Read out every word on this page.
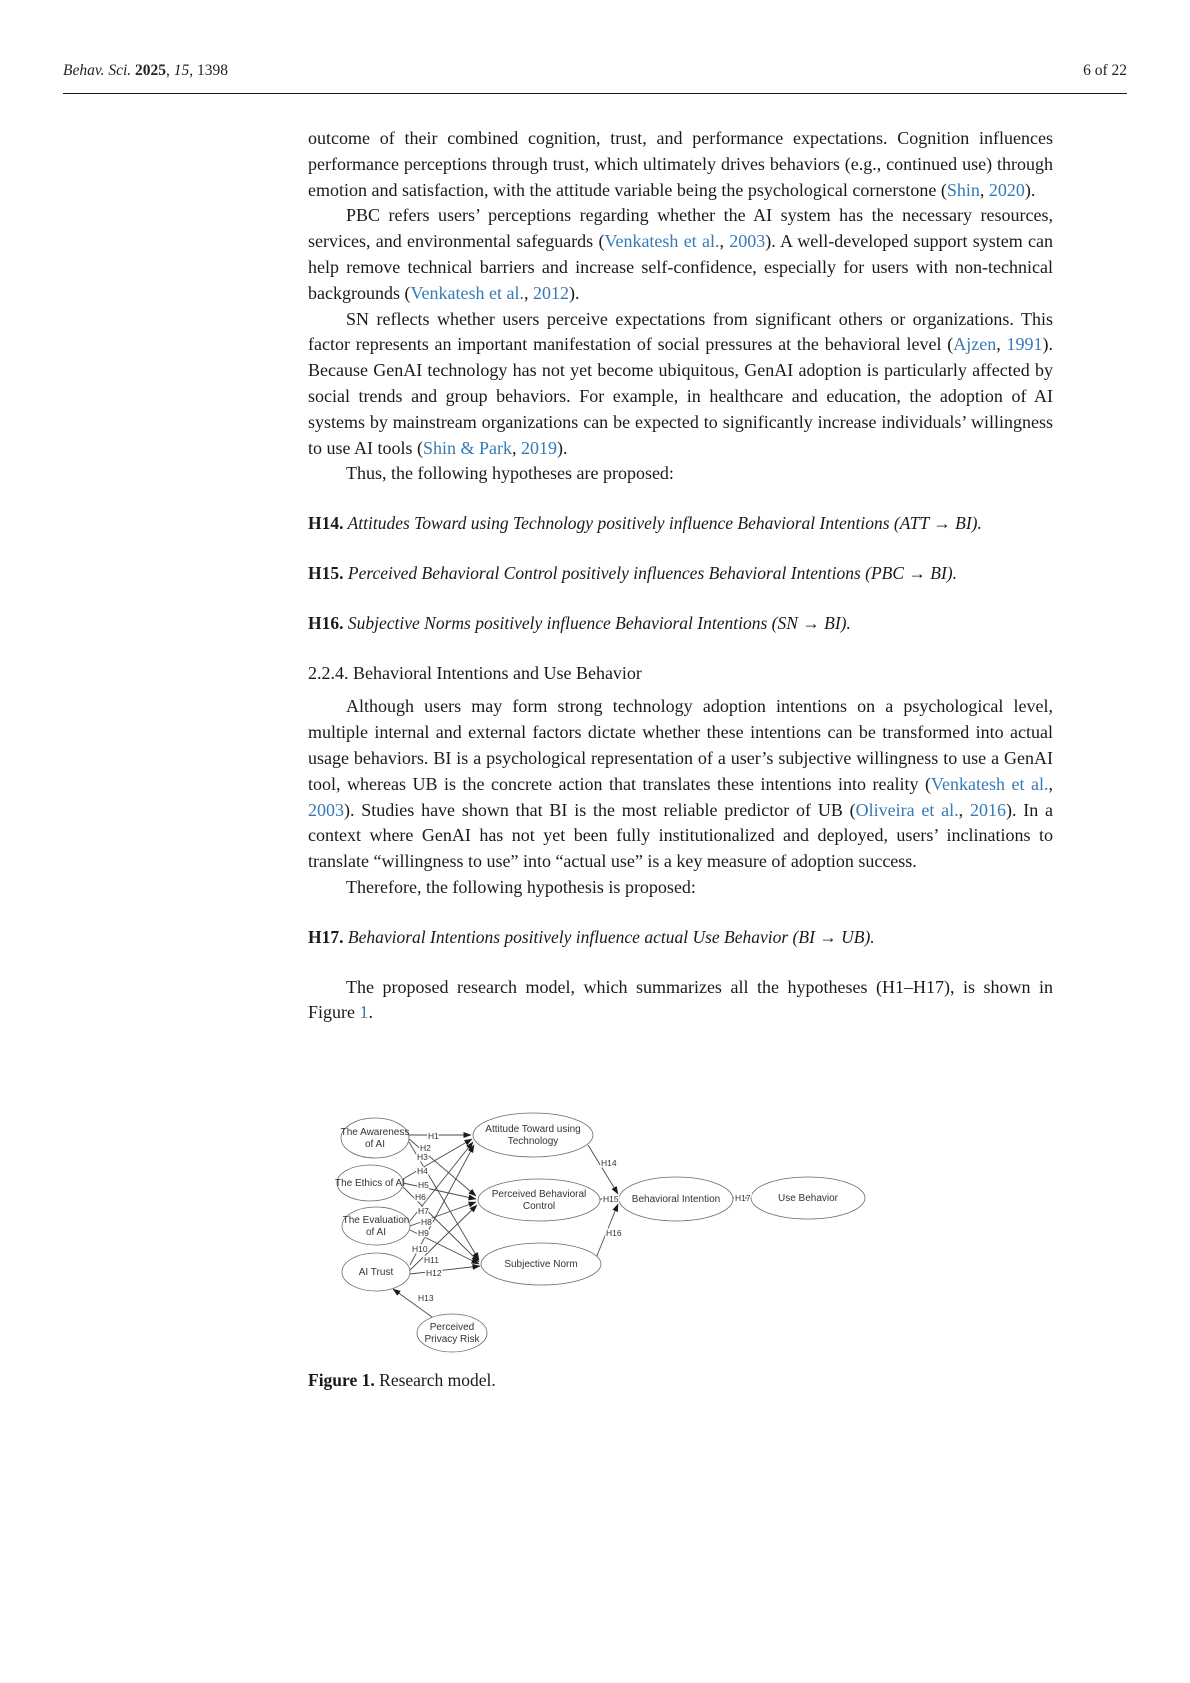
Behav. Sci. 2025, 15, 1398	6 of 22

outcome of their combined cognition, trust, and performance expectations. Cognition influences performance perceptions through trust, which ultimately drives behaviors (e.g., continued use) through emotion and satisfaction, with the attitude variable being the psychological cornerstone (Shin, 2020).

PBC refers users’ perceptions regarding whether the AI system has the necessary resources, services, and environmental safeguards (Venkatesh et al., 2003). A well-developed support system can help remove technical barriers and increase self-confidence, especially for users with non-technical backgrounds (Venkatesh et al., 2012).

SN reflects whether users perceive expectations from significant others or organizations. This factor represents an important manifestation of social pressures at the behavioral level (Ajzen, 1991). Because GenAI technology has not yet become ubiquitous, GenAI adoption is particularly affected by social trends and group behaviors. For example, in healthcare and education, the adoption of AI systems by mainstream organizations can be expected to significantly increase individuals’ willingness to use AI tools (Shin & Park, 2019).

Thus, the following hypotheses are proposed:

H14. Attitudes Toward using Technology positively influence Behavioral Intentions (ATT → BI).

H15. Perceived Behavioral Control positively influences Behavioral Intentions (PBC → BI).

H16. Subjective Norms positively influence Behavioral Intentions (SN → BI).

2.2.4. Behavioral Intentions and Use Behavior

Although users may form strong technology adoption intentions on a psychological level, multiple internal and external factors dictate whether these intentions can be transformed into actual usage behaviors. BI is a psychological representation of a user’s subjective willingness to use a GenAI tool, whereas UB is the concrete action that translates these intentions into reality (Venkatesh et al., 2003). Studies have shown that BI is the most reliable predictor of UB (Oliveira et al., 2016). In a context where GenAI has not yet been fully institutionalized and deployed, users’ inclinations to translate “willingness to use” into “actual use” is a key measure of adoption success.

Therefore, the following hypothesis is proposed:

H17. Behavioral Intentions positively influence actual Use Behavior (BI → UB).

The proposed research model, which summarizes all the hypotheses (H1–H17), is shown in Figure 1.

The Awareness
of AI
The Ethics of AI
The Evaluation
of AI
AI Trust
Perceived
Privacy Risk
Attitude Toward using
Technology
Perceived Behavioral
Control
Subjective Norm
Behavioral Intention	Use Behavior
H1
H2
H3
H4
H5
H6
H7
H8
H9
H10
H11
H12
H13
H14
H15
H16
H17
Figure 1. Research model.
